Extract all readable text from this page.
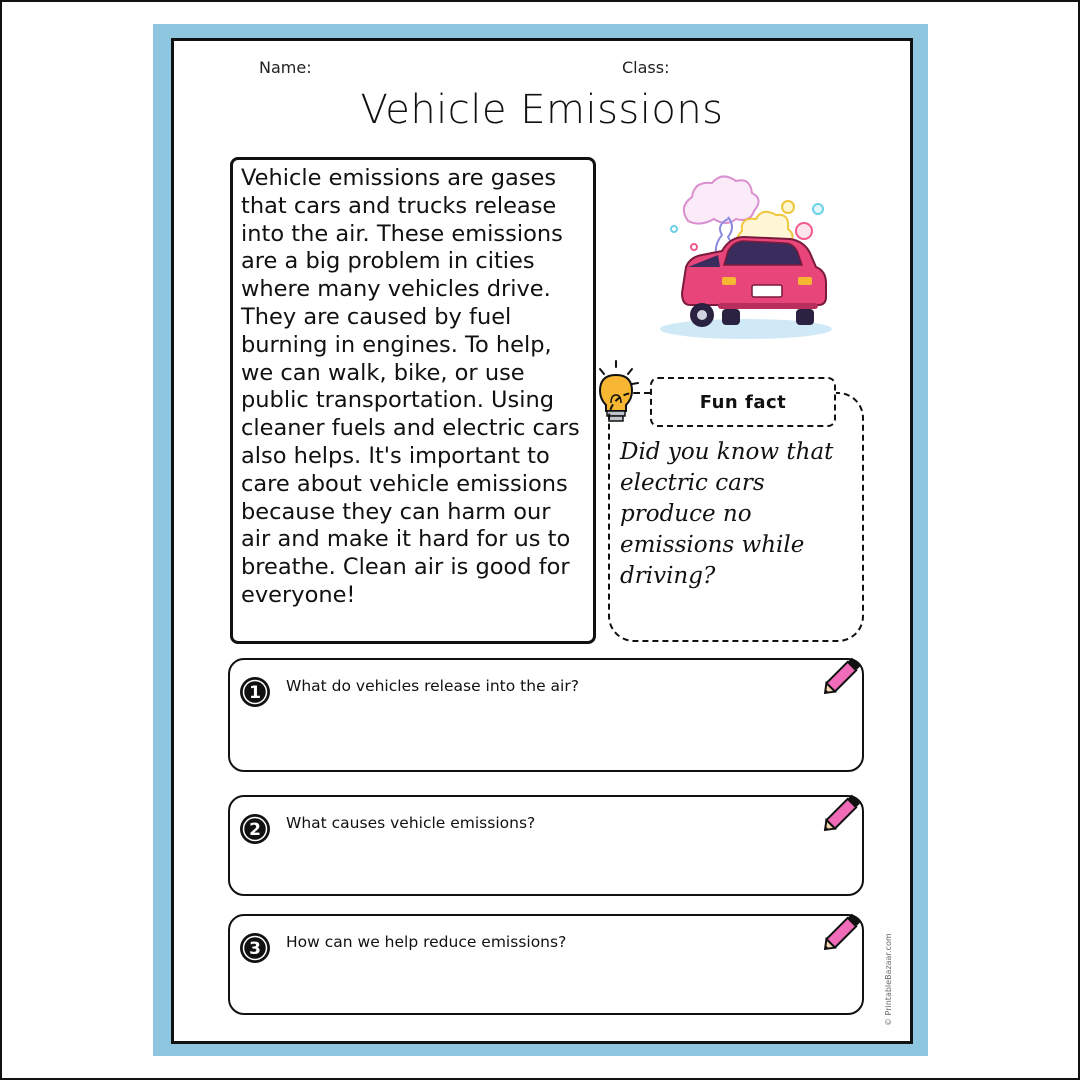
Name:	Class:
Vehicle Emissions

Vehicle emissions are gases that cars and trucks release into the air. These emissions are a big problem in cities where many vehicles drive. They are caused by fuel burning in engines. To help, we can walk, bike, or use public transportation. Using cleaner fuels and electric cars also helps. It's important to care about vehicle emissions because they can harm our air and make it hard for us to breathe. Clean air is good for everyone!

Fun fact

Did you know that electric cars produce no emissions while driving?

1 What do vehicles release into the air?
2 What causes vehicle emissions?
3 How can we help reduce emissions?	© PrintableBazaar.com
